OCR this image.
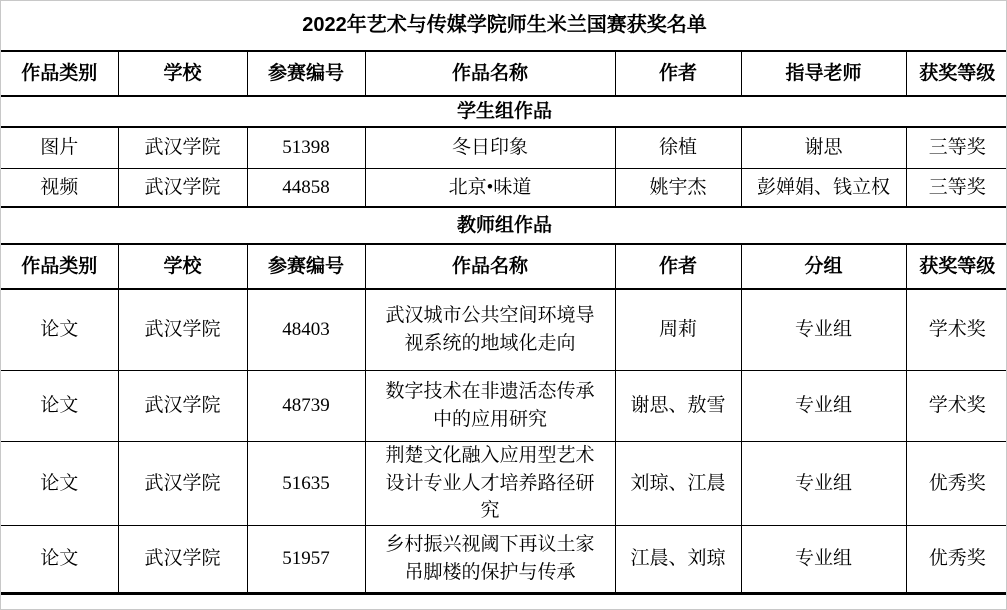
2022年艺术与传媒学院师生米兰国赛获奖名单						
作品类别	学校	参赛编号	作品名称	作者	指导老师	获奖等级
学生组作品						
图片	武汉学院	51398	冬日印象	徐植	谢思	三等奖
视频	武汉学院	44858	北京•味道	姚宇杰	彭婵娟、钱立权	三等奖
教师组作品						
作品类别	学校	参赛编号	作品名称	作者	分组	获奖等级
论文	武汉学院	48403	武汉城市公共空间环境导视系统的地域化走向	周莉	专业组	学术奖
论文	武汉学院	48739	数字技术在非遗活态传承中的应用研究	谢思、敖雪	专业组	学术奖
论文	武汉学院	51635	荆楚文化融入应用型艺术设计专业人才培养路径研究	刘琼、江晨	专业组	优秀奖
论文	武汉学院	51957	乡村振兴视阈下再议土家吊脚楼的保护与传承	江晨、刘琼	专业组	优秀奖
